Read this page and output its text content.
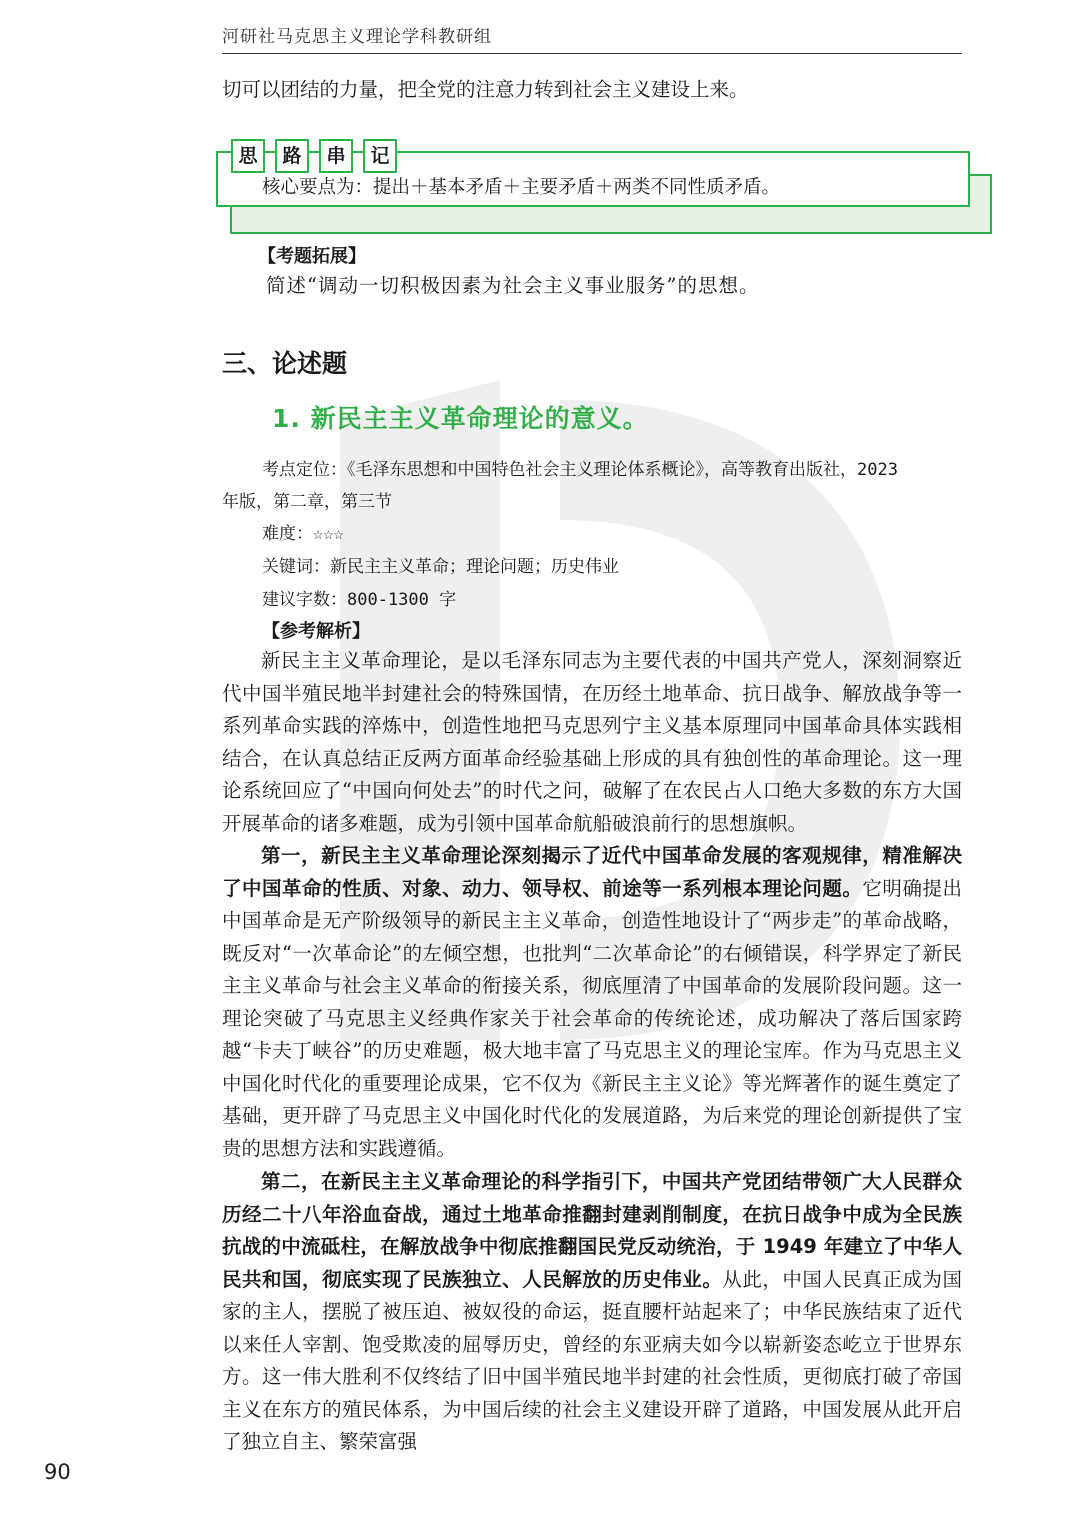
河研社马克思主义理论学科教研组

切可以团结的力量，把全党的注意力转到社会主义建设上来。

思	路	串	记
核心要点为：提出＋基本矛盾＋主要矛盾＋两类不同性质矛盾。
【考题拓展】

简述“调动一切积极因素为社会主义事业服务”的思想。

三、论述题
1. 新民主主义革命理论的意义。
考点定位：《毛泽东思想和中国特色社会主义理论体系概论》，高等教育出版社，2023
年版，第二章，第三节
难度：☆☆☆
关键词：新民主主义革命；理论问题；历史伟业
建议字数：800-1300 字
【参考解析】

新民主主义革命理论，是以毛泽东同志为主要代表的中国共产党人，深刻洞察近代中国半殖民地半封建社会的特殊国情，在历经土地革命、抗日战争、解放战争等一系列革命实践的淬炼中，创造性地把马克思列宁主义基本原理同中国革命具体实践相结合，在认真总结正反两方面革命经验基础上形成的具有独创性的革命理论。这一理论系统回应了“中国向何处去”的时代之问，破解了在农民占人口绝大多数的东方大国开展革命的诸多难题，成为引领中国革命航船破浪前行的思想旗帜。

第一，新民主主义革命理论深刻揭示了近代中国革命发展的客观规律，精准解决了中国革命的性质、对象、动力、领导权、前途等一系列根本理论问题。它明确提出中国革命是无产阶级领导的新民主主义革命，创造性地设计了“两步走”的革命战略，既反对“一次革命论”的左倾空想，也批判“二次革命论”的右倾错误，科学界定了新民主主义革命与社会主义革命的衔接关系，彻底厘清了中国革命的发展阶段问题。这一理论突破了马克思主义经典作家关于社会革命的传统论述，成功解决了落后国家跨越“卡夫丁峡谷”的历史难题，极大地丰富了马克思主义的理论宝库。作为马克思主义中国化时代化的重要理论成果，它不仅为《新民主主义论》等光辉著作的诞生奠定了基础，更开辟了马克思主义中国化时代化的发展道路，为后来党的理论创新提供了宝贵的思想方法和实践遵循。

第二，在新民主主义革命理论的科学指引下，中国共产党团结带领广大人民群众历经二十八年浴血奋战，通过土地革命推翻封建剥削制度，在抗日战争中成为全民族抗战的中流砥柱，在解放战争中彻底推翻国民党反动统治，于 1949 年建立了中华人民共和国，彻底实现了民族独立、人民解放的历史伟业。从此，中国人民真正成为国家的主人，摆脱了被压迫、被奴役的命运，挺直腰杆站起来了；中华民族结束了近代以来任人宰割、饱受欺凌的屈辱历史，曾经的东亚病夫如今以崭新姿态屹立于世界东方。这一伟大胜利不仅终结了旧中国半殖民地半封建的社会性质，更彻底打破了帝国主义在东方的殖民体系，为中国后续的社会主义建设开辟了道路，中国发展从此开启了独立自主、繁荣富强

90
